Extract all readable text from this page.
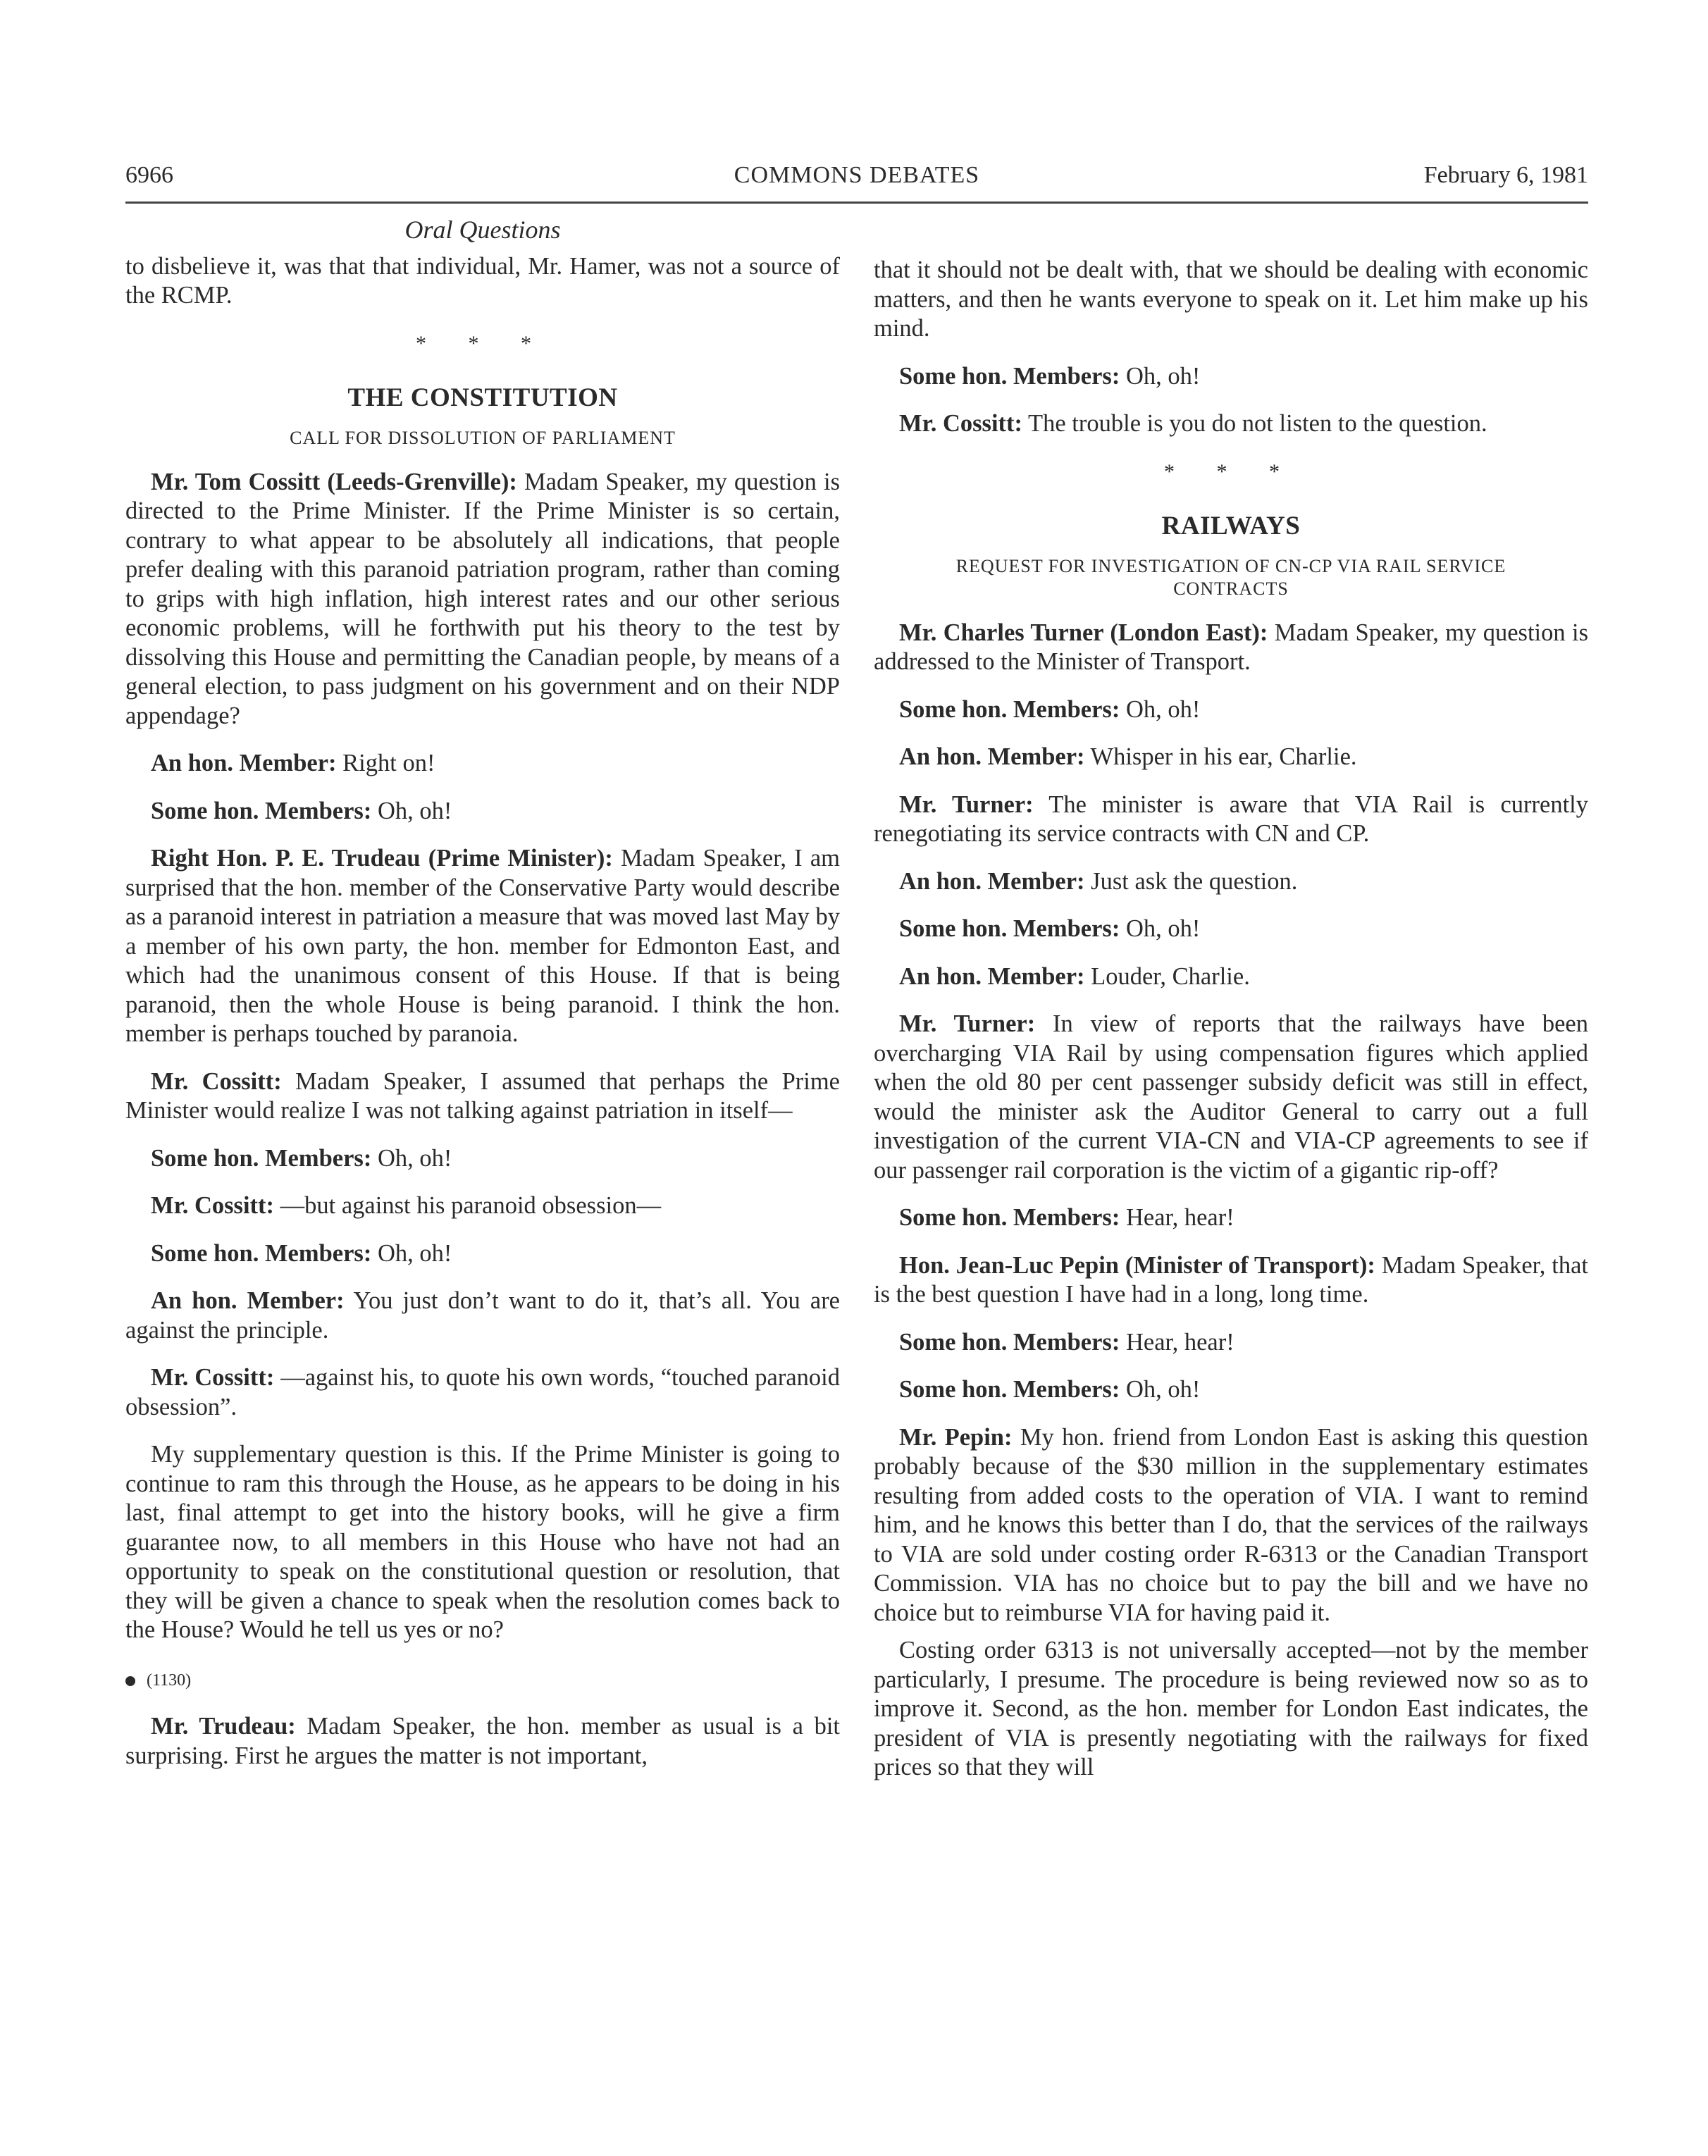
6966	COMMONS DEBATES	February 6, 1981
Oral Questions

to disbelieve it, was that that individual, Mr. Hamer, was not a source of the RCMP.

* * *
THE CONSTITUTION
CALL FOR DISSOLUTION OF PARLIAMENT

Mr. Tom Cossitt (Leeds-Grenville): Madam Speaker, my question is directed to the Prime Minister. If the Prime Minister is so certain, contrary to what appear to be absolutely all indications, that people prefer dealing with this paranoid patriation program, rather than coming to grips with high inflation, high interest rates and our other serious economic problems, will he forthwith put his theory to the test by dissolving this House and permitting the Canadian people, by means of a general election, to pass judgment on his government and on their NDP appendage?

An hon. Member: Right on!

Some hon. Members: Oh, oh!

Right Hon. P. E. Trudeau (Prime Minister): Madam Speaker, I am surprised that the hon. member of the Conservative Party would describe as a paranoid interest in patriation a measure that was moved last May by a member of his own party, the hon. member for Edmonton East, and which had the unanimous consent of this House. If that is being paranoid, then the whole House is being paranoid. I think the hon. member is perhaps touched by paranoia.

Mr. Cossitt: Madam Speaker, I assumed that perhaps the Prime Minister would realize I was not talking against patriation in itself—

Some hon. Members: Oh, oh!

Mr. Cossitt: —but against his paranoid obsession—

Some hon. Members: Oh, oh!

An hon. Member: You just don’t want to do it, that’s all. You are against the principle.

Mr. Cossitt: —against his, to quote his own words, “touched paranoid obsession”.

My supplementary question is this. If the Prime Minister is going to continue to ram this through the House, as he appears to be doing in his last, final attempt to get into the history books, will he give a firm guarantee now, to all members in this House who have not had an opportunity to speak on the constitutional question or resolution, that they will be given a chance to speak when the resolution comes back to the House? Would he tell us yes or no?

(1130)

Mr. Trudeau: Madam Speaker, the hon. member as usual is a bit surprising. First he argues the matter is not important,

that it should not be dealt with, that we should be dealing with economic matters, and then he wants everyone to speak on it. Let him make up his mind.

Some hon. Members: Oh, oh!

Mr. Cossitt: The trouble is you do not listen to the question.

* * *
RAILWAYS
REQUEST FOR INVESTIGATION OF CN-CP VIA RAIL SERVICE CONTRACTS

Mr. Charles Turner (London East): Madam Speaker, my question is addressed to the Minister of Transport.

Some hon. Members: Oh, oh!

An hon. Member: Whisper in his ear, Charlie.

Mr. Turner: The minister is aware that VIA Rail is currently renegotiating its service contracts with CN and CP.

An hon. Member: Just ask the question.

Some hon. Members: Oh, oh!

An hon. Member: Louder, Charlie.

Mr. Turner: In view of reports that the railways have been overcharging VIA Rail by using compensation figures which applied when the old 80 per cent passenger subsidy deficit was still in effect, would the minister ask the Auditor General to carry out a full investigation of the current VIA-CN and VIA-CP agreements to see if our passenger rail corporation is the victim of a gigantic rip-off?

Some hon. Members: Hear, hear!

Hon. Jean-Luc Pepin (Minister of Transport): Madam Speaker, that is the best question I have had in a long, long time.

Some hon. Members: Hear, hear!

Some hon. Members: Oh, oh!

Mr. Pepin: My hon. friend from London East is asking this question probably because of the $30 million in the supplementary estimates resulting from added costs to the operation of VIA. I want to remind him, and he knows this better than I do, that the services of the railways to VIA are sold under costing order R-6313 or the Canadian Transport Commission. VIA has no choice but to pay the bill and we have no choice but to reimburse VIA for having paid it.

Costing order 6313 is not universally accepted—not by the member particularly, I presume. The procedure is being reviewed now so as to improve it. Second, as the hon. member for London East indicates, the president of VIA is presently negotiating with the railways for fixed prices so that they will
